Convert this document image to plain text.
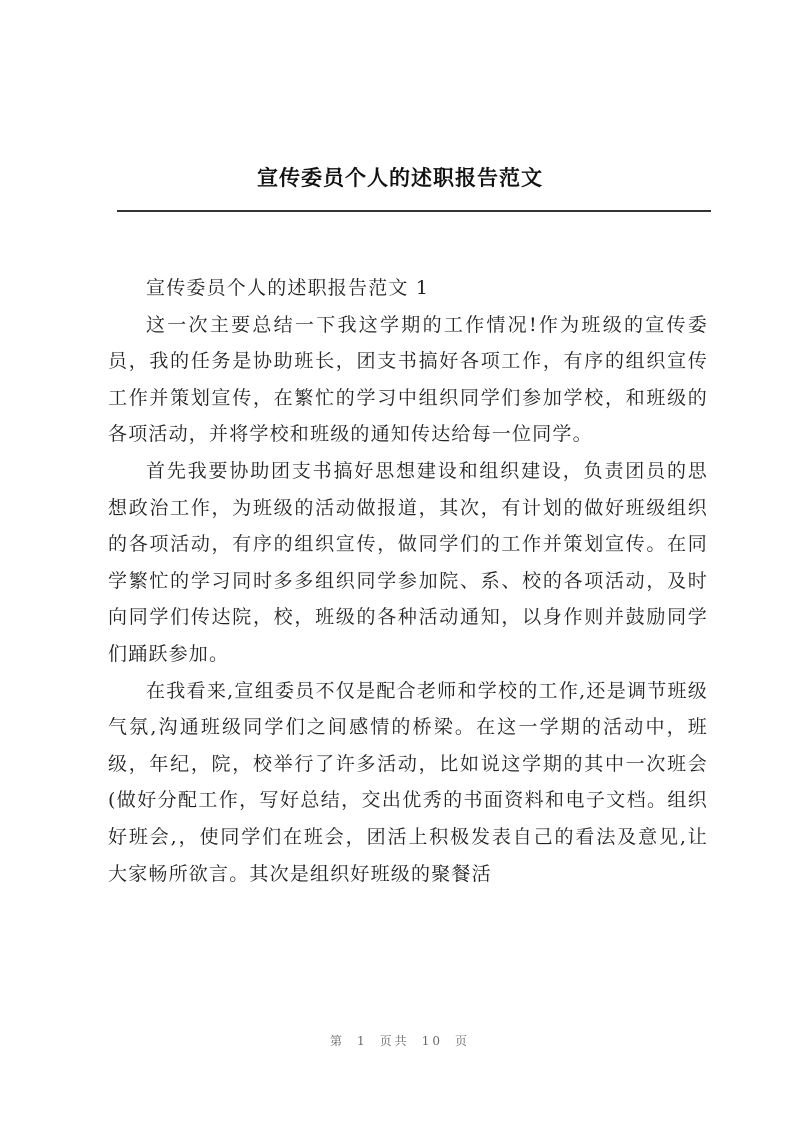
宣传委员个人的述职报告范文

宣传委员个人的述职报告范文 1

这一次主要总结一下我这学期的工作情况!作为班级的宣传委员，我的任务是协助班长，团支书搞好各项工作，有序的组织宣传工作并策划宣传，在繁忙的学习中组织同学们参加学校，和班级的各项活动，并将学校和班级的通知传达给每一位同学。

首先我要协助团支书搞好思想建设和组织建设，负责团员的思想政治工作，为班级的活动做报道，其次，有计划的做好班级组织的各项活动，有序的组织宣传，做同学们的工作并策划宣传。在同学繁忙的学习同时多多组织同学参加院、系、校的各项活动，及时向同学们传达院，校，班级的各种活动通知，以身作则并鼓励同学们踊跃参加。

在我看来,宣组委员不仅是配合老师和学校的工作,还是调节班级气氛,沟通班级同学们之间感情的桥梁。在这一学期的活动中，班级，年纪，院，校举行了许多活动，比如说这学期的其中一次班会(做好分配工作，写好总结，交出优秀的书面资料和电子文档。组织好班会,，使同学们在班会，团活上积极发表自己的看法及意见,让大家畅所欲言。其次是组织好班级的聚餐活

第 1 页共 10 页
